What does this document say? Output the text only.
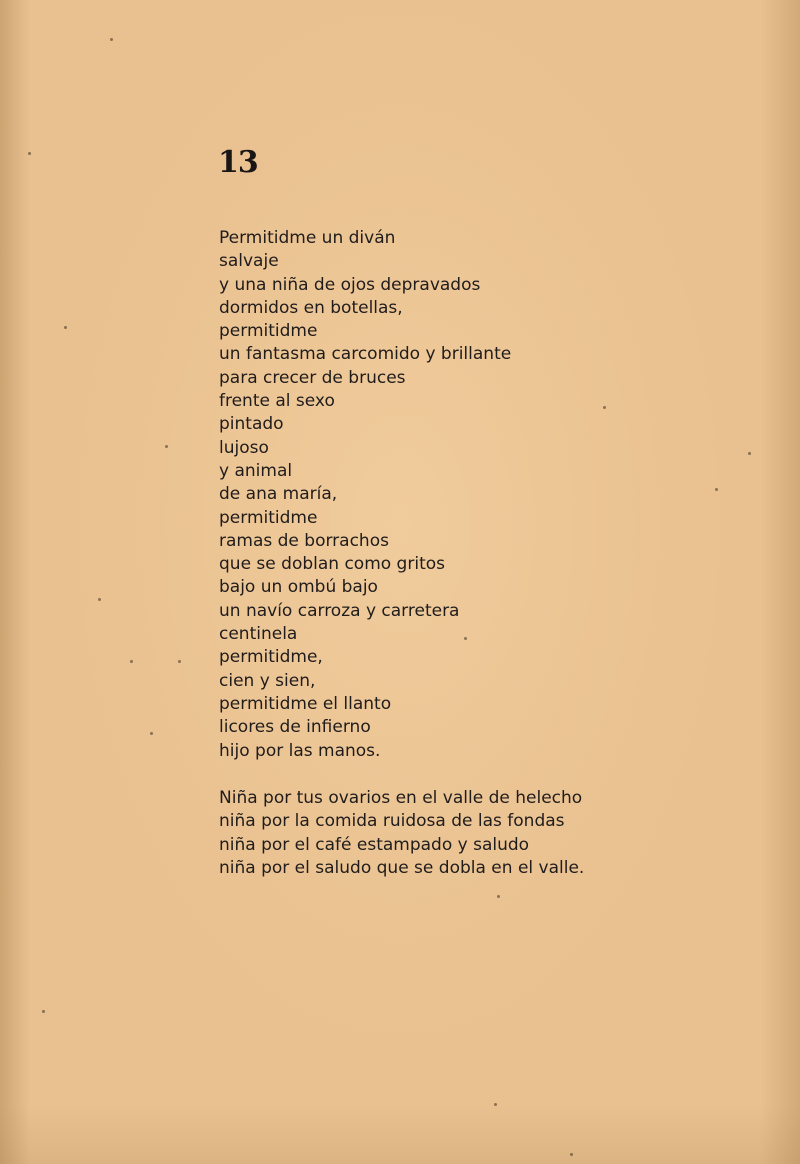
13
Permitidme un diván
salvaje
y una niña de ojos depravados
dormidos en botellas,
permitidme
un fantasma carcomido y brillante
para crecer de bruces
frente al sexo
pintado
lujoso
y animal
de ana maría,
permitidme
ramas de borrachos
que se doblan como gritos
bajo un ombú bajo
un navío carroza y carretera
centinela
permitidme,
cien y sien,
permitidme el llanto
licores de infierno
hijo por las manos.
Niña por tus ovarios en el valle de helecho
niña por la comida ruidosa de las fondas
niña por el café estampado y saludo
niña por el saludo que se dobla en el valle.
